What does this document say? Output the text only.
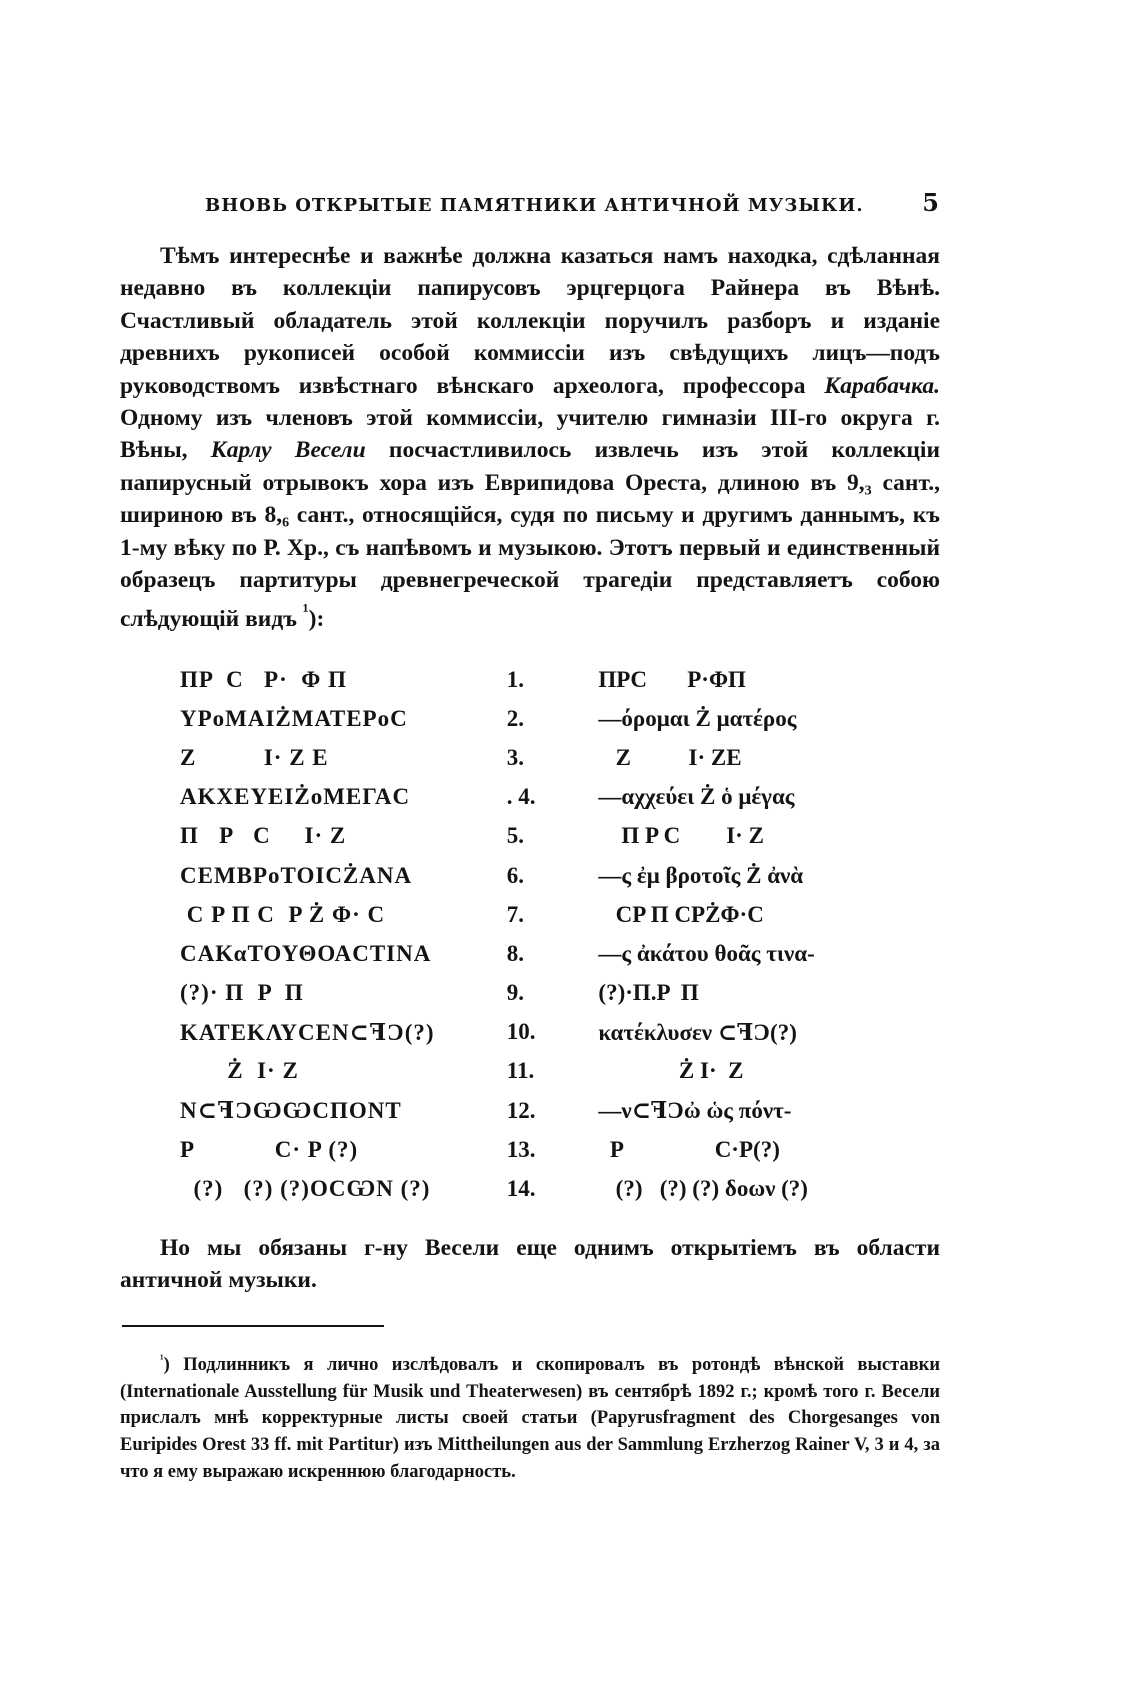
ВНОВЬ ОТКРЫТЫЕ ПАМЯТНИКИ АНТИЧНОЙ МУЗЫКИ. 5

Тѣмъ интереснѣе и важнѣе должна казаться намъ находка, сдѣланная недавно въ коллекціи папирусовъ эрцгерцога Райнера въ Вѣнѣ. Счастливый обладатель этой коллекціи поручилъ разборъ и изданіе древнихъ рукописей особой коммиссіи изъ свѣдущихъ лицъ—подъ руководствомъ извѣстнаго вѣнскаго археолога, профессора Карабачка. Одному изъ членовъ этой коммиссіи, учителю гимназіи III-го округа г. Вѣны, Карлу Весели посчастливилось извлечь изъ этой коллекціи папирусный отрывокъ хора изъ Еврипидова Ореста, длиною въ 9,₃ сант., шириною въ 8,₆ сант., относящійся, судя по письму и другимъ даннымъ, къ 1-му вѣку по Р. Хр., съ напѣвомъ и музыкою. Этотъ первый и единственный образецъ партитуры древнегреческой трагедіи представляетъ собою слѣдующій видъ $^{^1}$):

ΠΡ  C   Ρ·  Φ Π	1.	ΠΡC       Ρ·ΦΠ
ΥΡοΜΑΙŻΜΑΤΕΡοC	2.	—όρομαι Ż ματέρος
Z          Ι· Z Ε	3.	Z          Ι· ZE
ΑΚΧΕΥΕΙŻοΜΕΓΑC	. 4.	—αχχεύει Ż ὁ μέγας
Π   Ρ   C     Ι· Z	5.	Π Ρ C        Ι· Z
CΕΜΒΡοΤΟΙCŻΑΝΑ	6.	—ς ἐμ βροτοῖς Ż ἀνὰ
C Ρ Π C  Ρ Ż Φ· C	7.	CΡ Π CΡŻΦ·C
CΑΚαΤΟΥΘΟΑCΤΙΝΑ	8.	—ς ἀκάτου θοᾶς τινα-
(?)· Π  Ρ  Π	9.	(?)·Π.Ρ  Π
ΚΑΤΕΚΛΥCΕΝ⊂ꟻϽ(?)	10.	κατέκλυσεν ⊂ꟻϽ(?)
Ż  Ι· Z	11.	Ż Ι·  Z
Ν⊂ꟻϽѠѠCΠΟΝΤ	12.	—ν⊂ꟻϽὠ ὡς πόντ-
Ρ            C· Ρ (?)	13.	Ρ                C·Ρ(?)
(?)   (?) (?)ΟCѠΝ (?)	14.	(?)   (?) (?) δοων (?)

Но мы обязаны г-ну Весели еще однимъ открытіемъ въ области античной музыки.

$^{^1}$) Подлинникъ я лично изслѣдовалъ и скопировалъ въ ротондѣ вѣнской выставки (Internationale Ausstellung für Musik und Theaterwesen) въ сентябрѣ 1892 г.; кромѣ того г. Весели прислалъ мнѣ корректурные листы своей статьи (Papyrusfragment des Chorgesanges von Euripides Orest 33 ff. mit Partitur) изъ Mittheilungen aus der Sammlung Erzherzog Rainer V, 3 и 4, за что я ему выражаю искреннюю благодарность.
